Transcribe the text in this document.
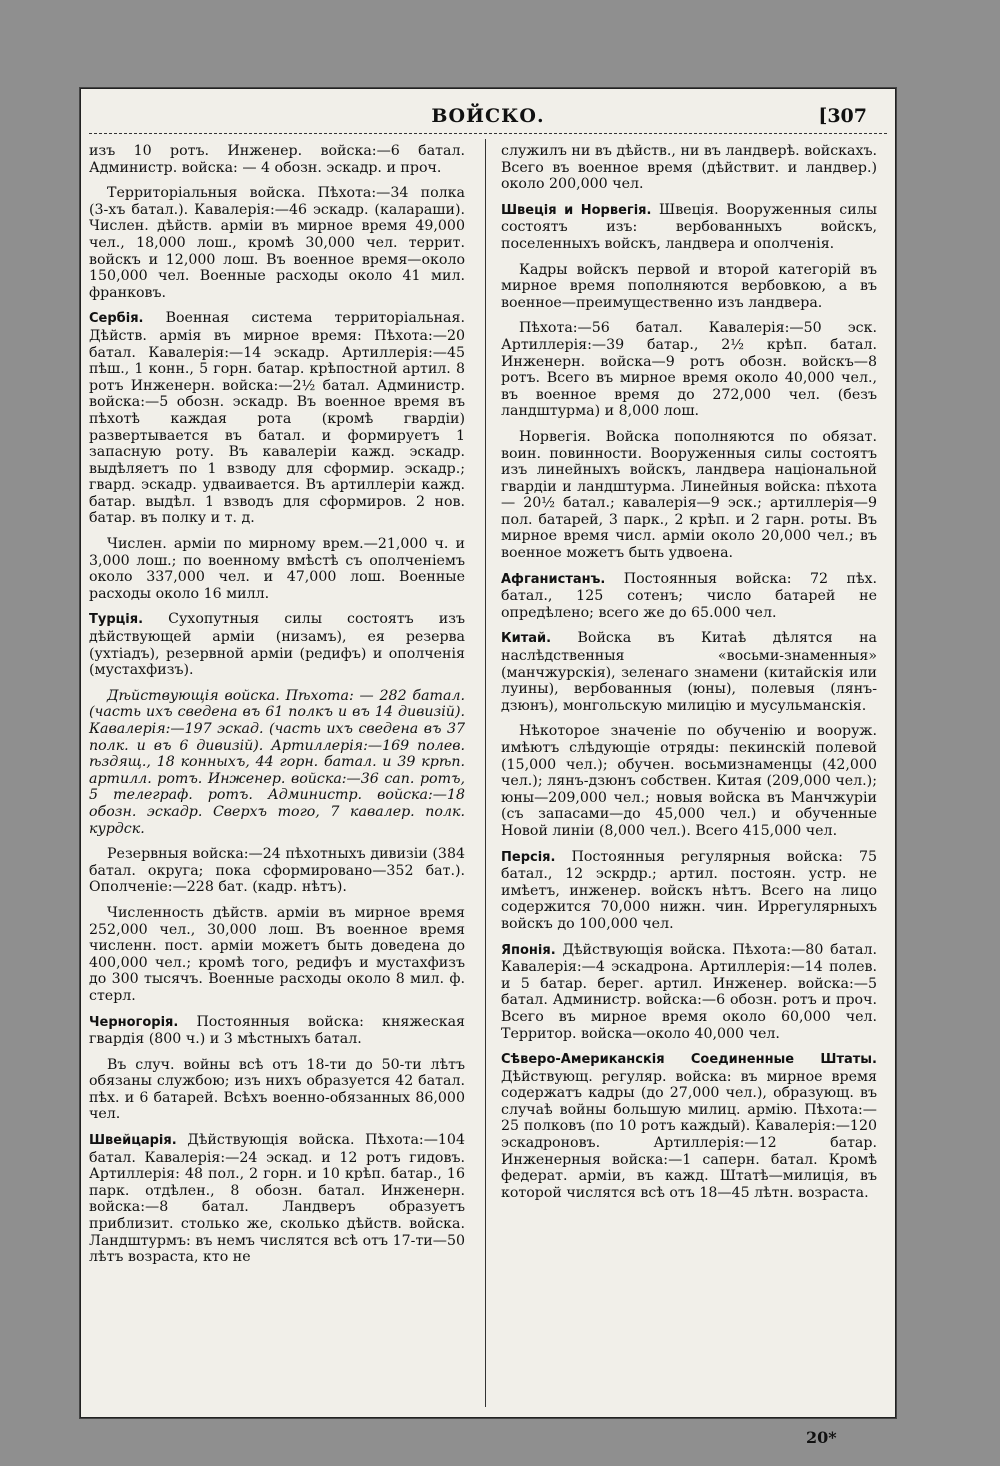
ВОЙСКО.	[307

изъ 10 ротъ. Инженер. войска:—6 батал. Администр. войска: — 4 обозн. эскадр. и проч.

Территоріальныя войска. Пѣхота:—34 полка (3-хъ батал.). Кавалерія:—46 эскадр. (калараши). Числен. дѣйств. арміи въ мирное время 49,000 чел., 18,000 лош., кромѣ 30,000 чел. террит. войскъ и 12,000 лош. Въ военное время—около 150,000 чел. Военные расходы около 41 мил. франковъ.

Сербія. Военная система территоріальная. Дѣйств. армія въ мирное время: Пѣхота:—20 батал. Кавалерія:—14 эскадр. Артиллерія:—45 пѣш., 1 конн., 5 горн. батар. крѣпостной артил. 8 ротъ Инженерн. войска:—2½ батал. Администр. войска:—5 обозн. эскадр. Въ военное время въ пѣхотѣ каждая рота (кромѣ гвардіи) развертывается въ батал. и формируетъ 1 запасную роту. Въ кавалеріи кажд. эскадр. выдѣляетъ по 1 взводу для сформир. эскадр.; гвард. эскадр. удваивается. Въ артиллеріи кажд. батар. выдѣл. 1 взводъ для сформиров. 2 нов. батар. въ полку и т. д.

Числен. арміи по мирному врем.—21,000 ч. и 3,000 лош.; по военному вмѣстѣ съ ополченіемъ около 337,000 чел. и 47,000 лош. Военные расходы около 16 милл.

Турція. Сухопутныя силы состоятъ изъ дѣйствующей арміи (низамъ), ея резерва (ухтіадъ), резервной арміи (редифъ) и ополченія (мустахфизъ).

Дѣйствующія войска. Пѣхота: — 282 батал. (часть ихъ сведена въ 61 полкъ и въ 14 дивизій). Кавалерія:—197 эскад. (часть ихъ сведена въ 37 полк. и въ 6 дивизій). Артиллерія:—169 полев. ѣздящ., 18 конныхъ, 44 горн. батал. и 39 крѣп. артилл. ротъ. Инженер. войска:—36 сап. ротъ, 5 телеграф. ротъ. Администр. войска:—18 обозн. эскадр. Сверхъ того, 7 кавалер. полк. курдск.

Резервныя войска:—24 пѣхотныхъ дивизіи (384 батал. округа; пока сформировано—352 бат.). Ополченіе:—228 бат. (кадр. нѣтъ).

Численность дѣйств. арміи въ мирное время 252,000 чел., 30,000 лош. Въ военное время численн. пост. арміи можетъ быть доведена до 400,000 чел.; кромѣ того, редифъ и мустахфизъ до 300 тысячъ. Военные расходы около 8 мил. ф. стерл.

Черногорія. Постоянныя войска: княжеская гвардія (800 ч.) и 3 мѣстныхъ батал.

Въ случ. войны всѣ отъ 18-ти до 50-ти лѣтъ обязаны службою; изъ нихъ образуется 42 батал. пѣх. и 6 батарей. Всѣхъ военно-обязанных 86,000 чел.

Швейцарія. Дѣйствующія войска. Пѣхота:—104 батал. Кавалерія:—24 эскад. и 12 ротъ гидовъ. Артиллерія: 48 пол., 2 горн. и 10 крѣп. батар., 16 парк. отдѣлен., 8 обозн. батал. Инженерн. войска:—8 батал. Ландверъ образуетъ приблизит. столько же, сколько дѣйств. войска. Ландштурмъ: въ немъ числятся всѣ отъ 17-ти—50 лѣтъ возраста, кто не

служилъ ни въ дѣйств., ни въ ландверѣ. войскахъ. Всего въ военное время (дѣйствит. и ландвер.) около 200,000 чел.

Швеція и Норвегія. Швеція. Вооруженныя силы состоятъ изъ: вербованныхъ войскъ, поселенныхъ войскъ, ландвера и ополченія.

Кадры войскъ первой и второй категорій въ мирное время пополняются вербовкою, а въ военное—преимущественно изъ ландвера.

Пѣхота:—56 батал. Кавалерія:—50 эск. Артиллерія:—39 батар., 2½ крѣп. батал. Инженерн. войска—9 ротъ обозн. войскъ—8 ротъ. Всего въ мирное время около 40,000 чел., въ военное время до 272,000 чел. (безъ ландштурма) и 8,000 лош.

Норвегія. Войска пополняются по обязат. воин. повинности. Вооруженныя силы состоятъ изъ линейныхъ войскъ, ландвера національной гвардіи и ландштурма. Линейныя войска: пѣхота — 20½ батал.; кавалерія—9 эск.; артиллерія—9 пол. батарей, 3 парк., 2 крѣп. и 2 гарн. роты. Въ мирное время числ. арміи около 20,000 чел.; въ военное можетъ быть удвоена.

Афганистанъ. Постоянныя войска: 72 пѣх. батал., 125 сотенъ; число батарей не опредѣлено; всего же до 65.000 чел.

Китай. Войска въ Китаѣ дѣлятся на наслѣдственныя «восьми-знаменныя» (манчжурскія), зеленаго знамени (китайскія или луины), вербованныя (юны), полевыя (лянъ-дзюнъ), монгольскую милицію и мусульманскія.

Нѣкоторое значеніе по обученію и вооруж. имѣютъ слѣдующіе отряды: пекинскій полевой (15,000 чел.); обучен. восьмизнаменцы (42,000 чел.); лянъ-дзюнъ собствен. Китая (209,000 чел.); юны—209,000 чел.; новыя войска въ Манчжуріи (съ запасами—до 45,000 чел.) и обученные Новой линіи (8,000 чел.). Всего 415,000 чел.

Персія. Постоянныя регулярныя войска: 75 батал., 12 эскрдр.; артил. постоян. устр. не имѣетъ, инженер. войскъ нѣтъ. Всего на лицо содержится 70,000 нижн. чин. Иррегулярныхъ войскъ до 100,000 чел.

Японія. Дѣйствующія войска. Пѣхота:—80 батал. Кавалерія:—4 эскадрона. Артиллерія:—14 полев. и 5 батар. берег. артил. Инженер. войска:—5 батал. Администр. войска:—6 обозн. ротъ и проч. Всего въ мирное время около 60,000 чел. Территор. войска—около 40,000 чел.

Сѣверо-Американскія Соединенные Штаты. Дѣйствующ. регуляр. войска: въ мирное время содержатъ кадры (до 27,000 чел.), образующ. въ случаѣ войны большую милиц. армію. Пѣхота:—25 полковъ (по 10 ротъ каждый). Кавалерія:—120 эскадроновъ. Артиллерія:—12 батар. Инженерныя войска:—1 саперн. батал. Кромѣ федерат. арміи, въ кажд. Штатѣ—милиція, въ которой числятся всѣ отъ 18—45 лѣтн. возраста.

20*
